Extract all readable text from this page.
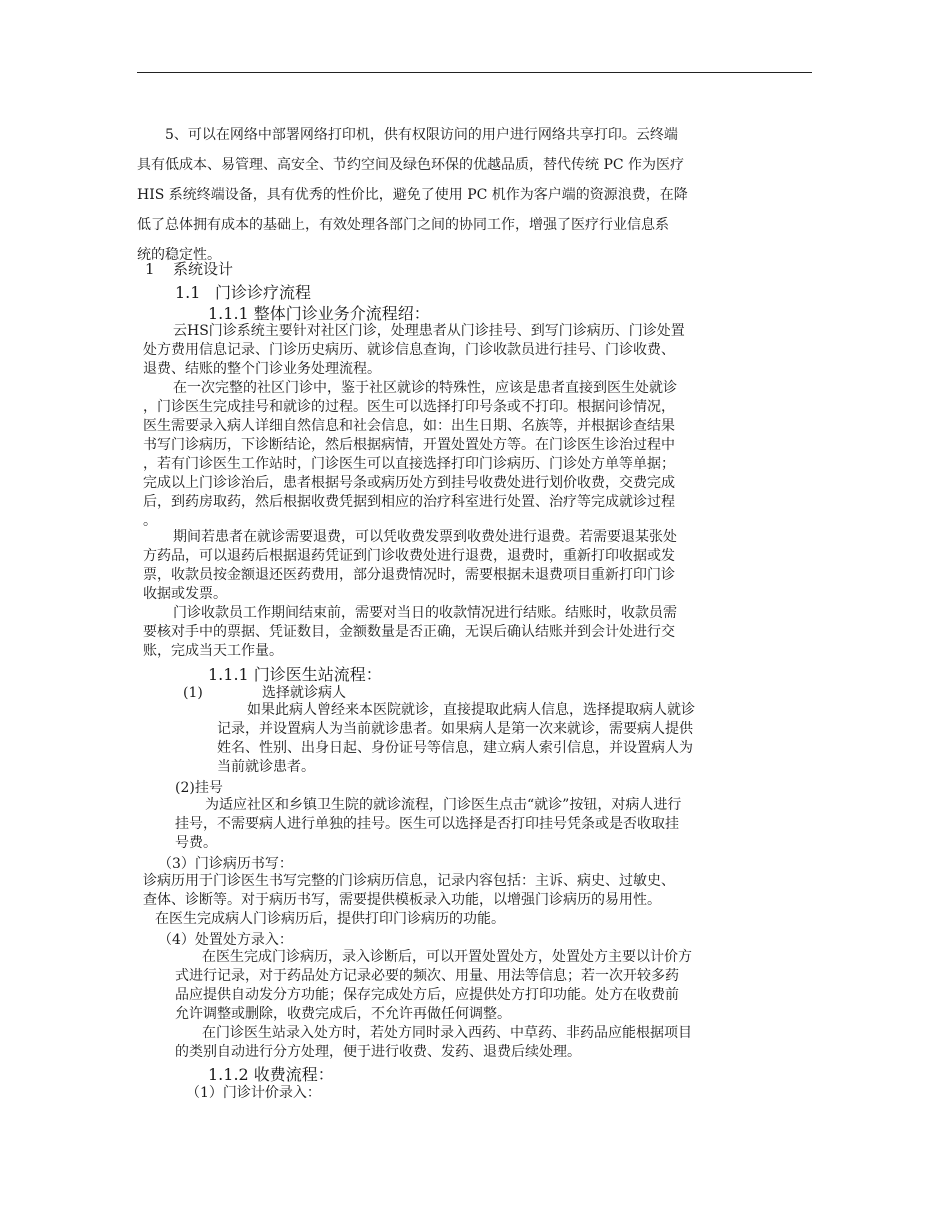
　　5、可以在网络中部署网络打印机，供有权限访问的用户进行网络共享打印。云终端
具有低成本、易管理、高安全、节约空间及绿色环保的优越品质，替代传统 PC 作为医疗
HIS 系统终端设备，具有优秀的性价比，避免了使用 PC 机作为客户端的资源浪费，在降
低了总体拥有成本的基础上，有效处理各部门之间的协同工作，增强了医疗行业信息系
统的稳定性。
1 系统设计
1.1 门诊诊疗流程
1.1.1 整体门诊业务介流程绍：
云HS门诊系统主要针对社区门诊，处理患者从门诊挂号、到写门诊病历、门诊处置
处方费用信息记录、门诊历史病历、就诊信息查询，门诊收款员进行挂号、门诊收费、
退费、结账的整个门诊业务处理流程。
在一次完整的社区门诊中，鉴于社区就诊的特殊性，应该是患者直接到医生处就诊
，门诊医生完成挂号和就诊的过程。医生可以选择打印号条或不打印。根据问诊情况，
医生需要录入病人详细自然信息和社会信息，如：出生日期、名族等，并根据诊查结果
书写门诊病历，下诊断结论，然后根据病情，开置处置处方等。在门诊医生诊治过程中
，若有门诊医生工作站时，门诊医生可以直接选择打印门诊病历、门诊处方单等单据；
完成以上门诊诊治后，患者根据号条或病历处方到挂号收费处进行划价收费，交费完成
后，到药房取药，然后根据收费凭据到相应的治疗科室进行处置、治疗等完成就诊过程
。
期间若患者在就诊需要退费，可以凭收费发票到收费处进行退费。若需要退某张处
方药品，可以退药后根据退药凭证到门诊收费处进行退费，退费时，重新打印收据或发
票，收款员按金额退还医药费用，部分退费情况时，需要根据未退费项目重新打印门诊
收据或发票。
门诊收款员工作期间结束前，需要对当日的收款情况进行结账。结账时，收款员需
要核对手中的票据、凭证数目，金额数量是否正确，无误后确认结账并到会计处进行交
账，完成当天工作量。
1.1.1 门诊医生站流程：
(1)	选择就诊病人
如果此病人曾经来本医院就诊，直接提取此病人信息，选择提取病人就诊
记录，并设置病人为当前就诊患者。如果病人是第一次来就诊，需要病人提供
姓名、性别、出身日起、身份证号等信息，建立病人索引信息，并设置病人为
当前就诊患者。
(2)挂号
为适应社区和乡镇卫生院的就诊流程，门诊医生点击“就诊”按钮，对病人进行
挂号，不需要病人进行单独的挂号。医生可以选择是否打印挂号凭条或是否收取挂
号费。
（3）门诊病历书写：
诊病历用于门诊医生书写完整的门诊病历信息，记录内容包括：主诉、病史、过敏史、
查体、诊断等。对于病历书写，需要提供模板录入功能，以增强门诊病历的易用性。
在医生完成病人门诊病历后，提供打印门诊病历的功能。
（4）处置处方录入：
在医生完成门诊病历，录入诊断后，可以开置处置处方，处置处方主要以计价方
式进行记录，对于药品处方记录必要的频次、用量、用法等信息；若一次开较多药
品应提供自动发分方功能；保存完成处方后，应提供处方打印功能。处方在收费前
允许调整或删除，收费完成后，不允许再做任何调整。
在门诊医生站录入处方时，若处方同时录入西药、中草药、非药品应能根据项目
的类别自动进行分方处理，便于进行收费、发药、退费后续处理。
1.1.2 收费流程：
（1）门诊计价录入：
